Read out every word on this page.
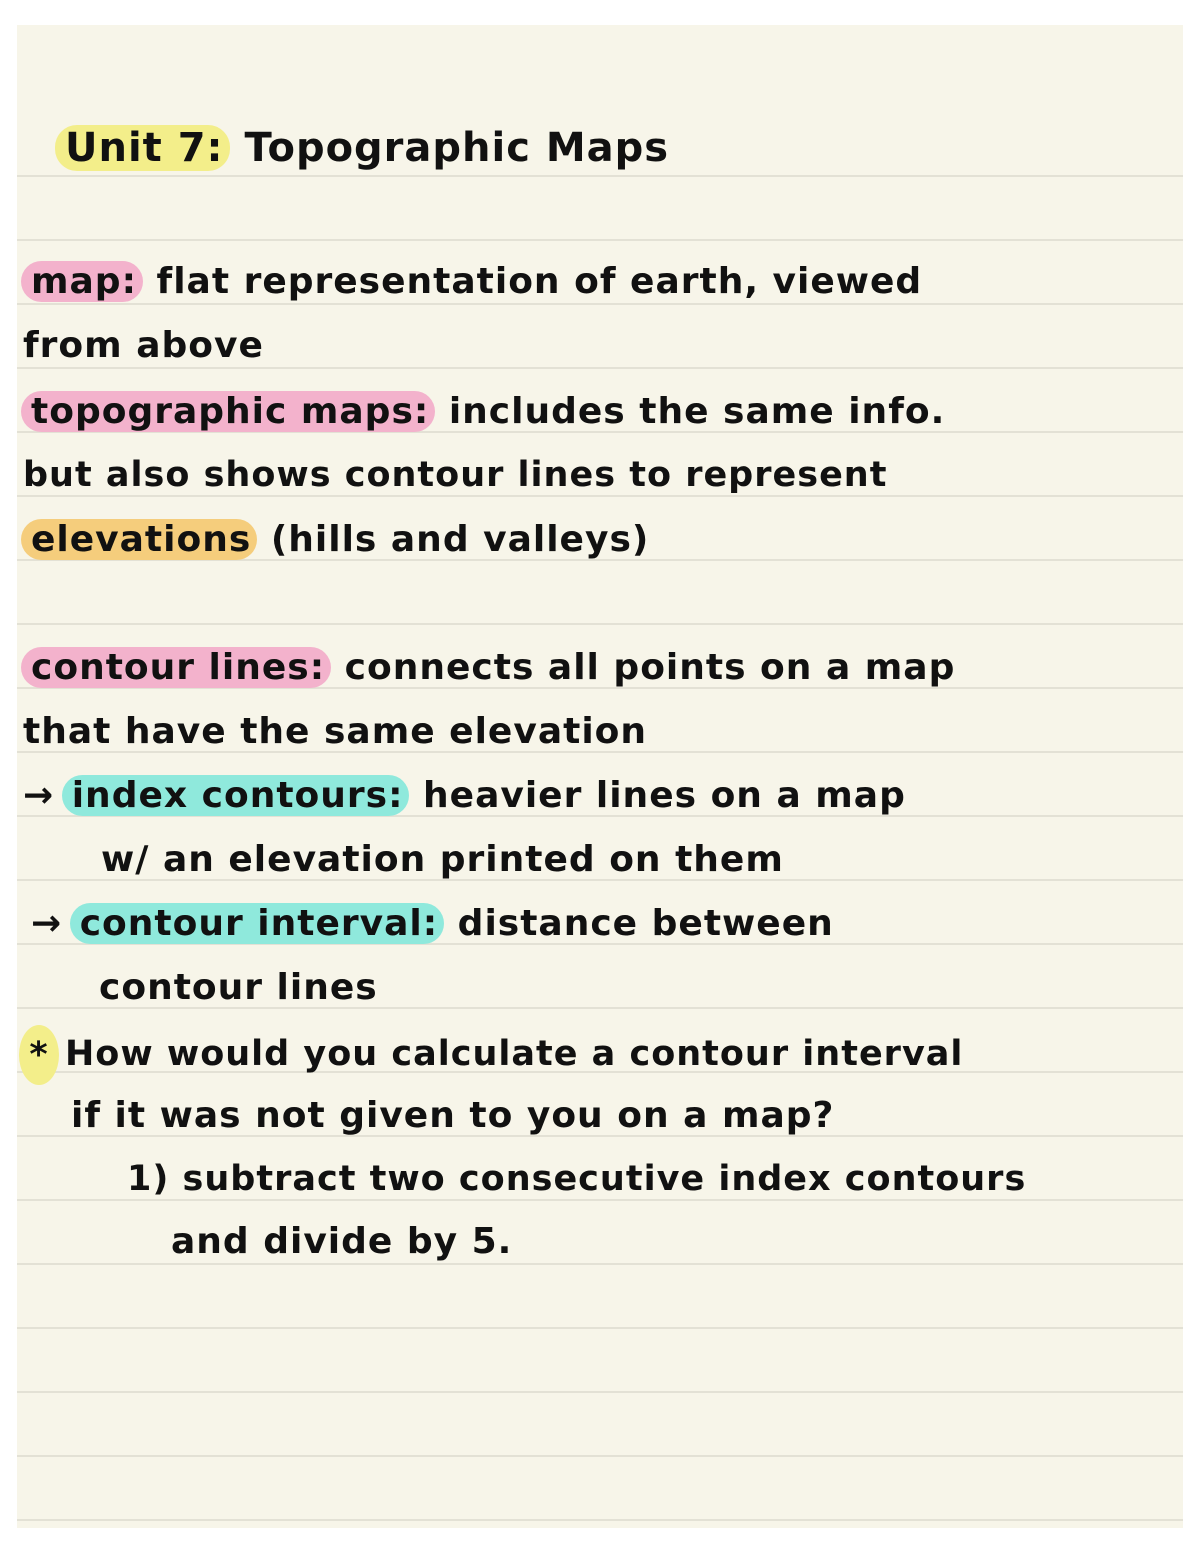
Unit 7: Topographic Maps
map: flat representation of earth, viewed
from above
topographic maps: includes the same info.
but also shows contour lines to represent
elevations (hills and valleys)
contour lines: connects all points on a map
that have the same elevation
→ index contours: heavier lines on a map
w/ an elevation printed on them
→ contour interval: distance between
contour lines
* How would you calculate a contour interval
if it was not given to you on a map?
1) subtract two consecutive index contours
and divide by 5.
